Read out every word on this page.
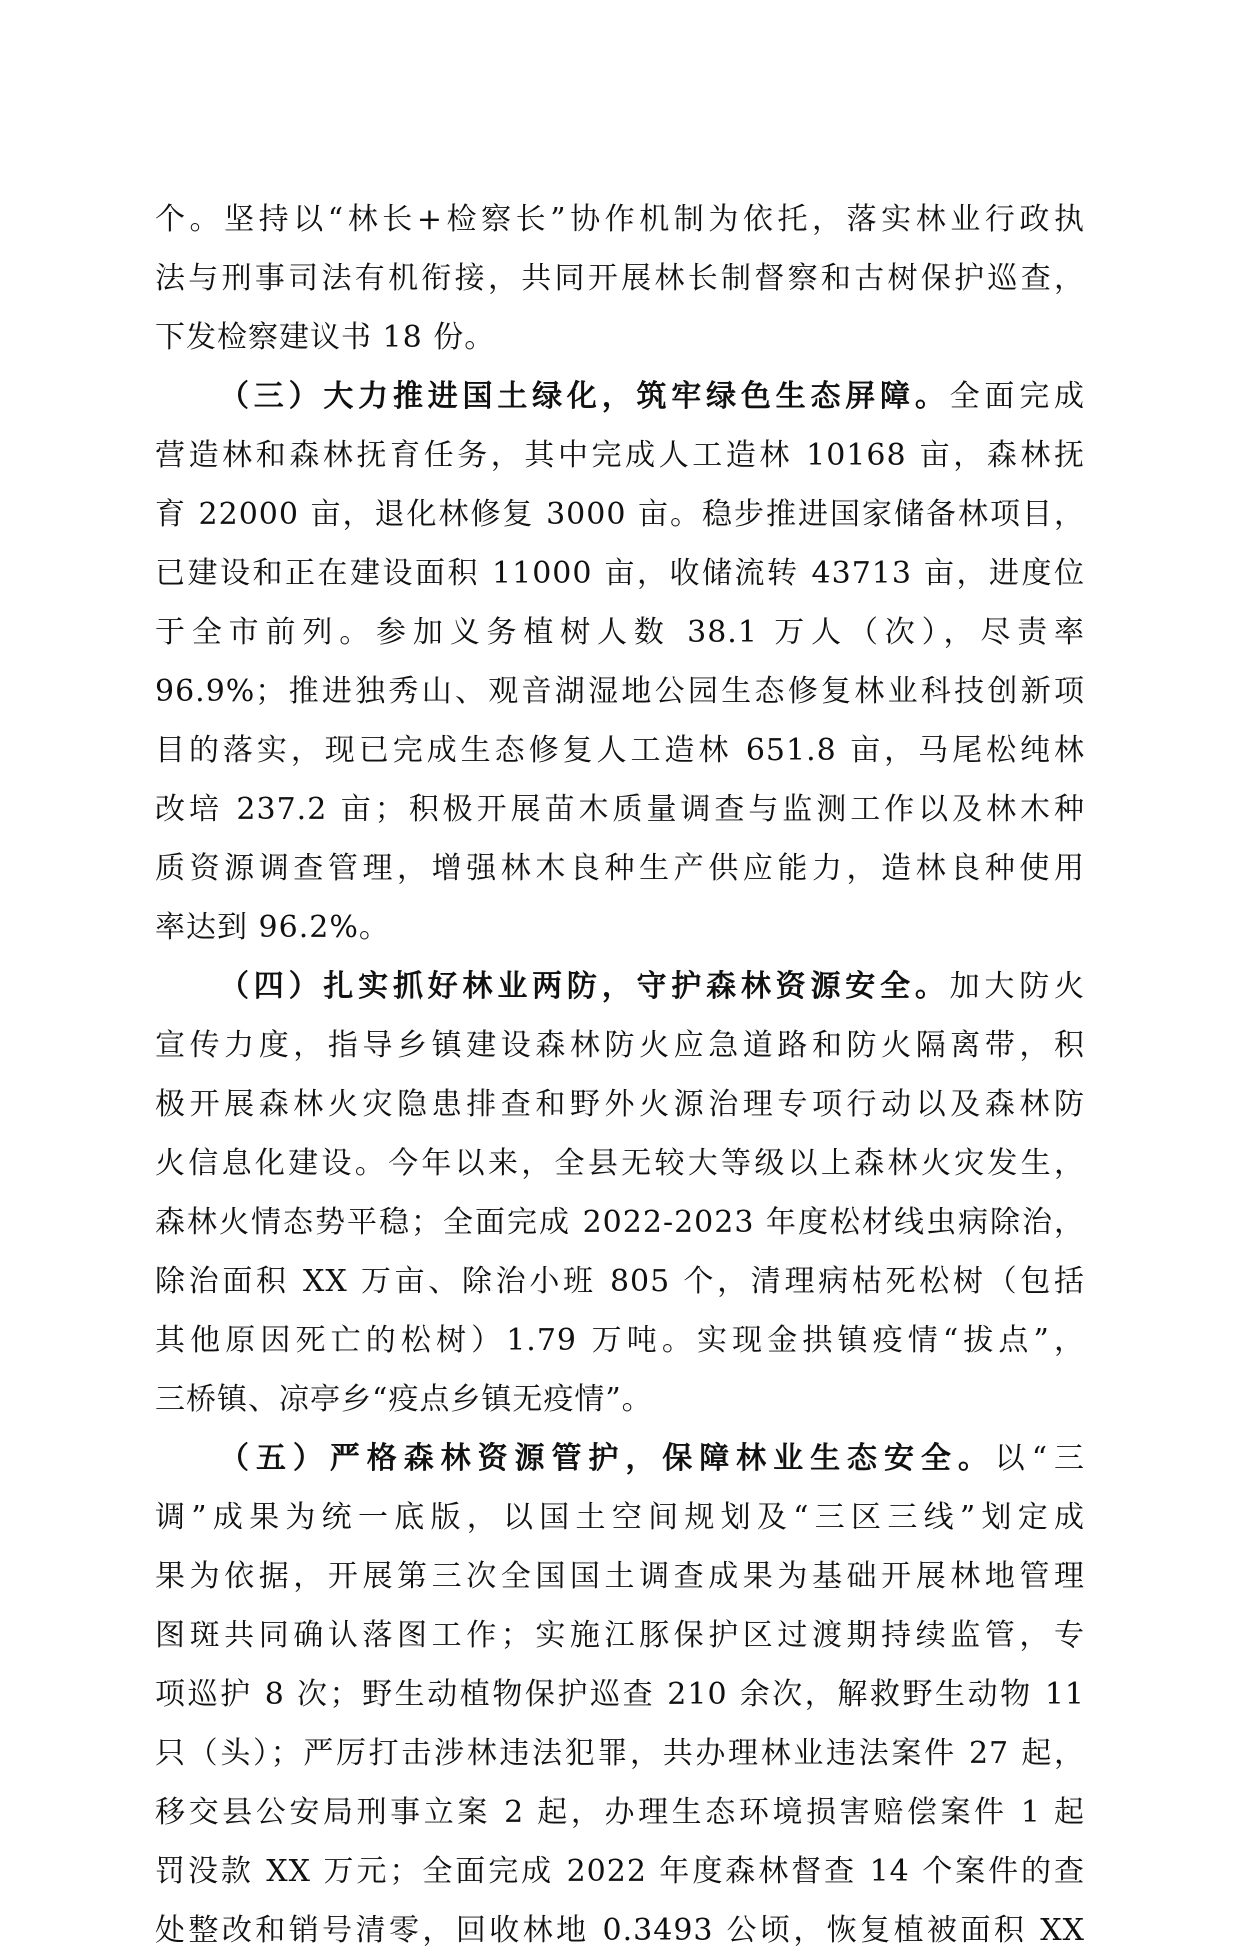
个。坚持以“林长+检察长”协作机制为依托，落实林业行政执
法与刑事司法有机衔接，共同开展林长制督察和古树保护巡查，
下发检察建议书 18 份。
（三）大力推进国土绿化，筑牢绿色生态屏障。全面完成
营造林和森林抚育任务，其中完成人工造林 10168 亩，森林抚
育 22000 亩，退化林修复 3000 亩。稳步推进国家储备林项目，
已建设和正在建设面积 11000 亩，收储流转 43713 亩，进度位
于全市前列。参加义务植树人数 38.1 万人（次），尽责率
96.9%；推进独秀山、观音湖湿地公园生态修复林业科技创新项
目的落实，现已完成生态修复人工造林 651.8 亩，马尾松纯林
改培 237.2 亩；积极开展苗木质量调查与监测工作以及林木种
质资源调查管理，增强林木良种生产供应能力，造林良种使用
率达到 96.2%。
（四）扎实抓好林业两防，守护森林资源安全。加大防火
宣传力度，指导乡镇建设森林防火应急道路和防火隔离带，积
极开展森林火灾隐患排查和野外火源治理专项行动以及森林防
火信息化建设。今年以来，全县无较大等级以上森林火灾发生，
森林火情态势平稳；全面完成 2022-2023 年度松材线虫病除治，
除治面积 XX 万亩、除治小班 805 个，清理病枯死松树（包括
其他原因死亡的松树）1.79 万吨。实现金拱镇疫情“拔点”，
三桥镇、凉亭乡“疫点乡镇无疫情”。
（五）严格森林资源管护，保障林业生态安全。以“三
调”成果为统一底版，以国土空间规划及“三区三线”划定成
果为依据，开展第三次全国国土调查成果为基础开展林地管理
图斑共同确认落图工作；实施江豚保护区过渡期持续监管，专
项巡护 8 次；野生动植物保护巡查 210 余次，解救野生动物 11
只（头）；严厉打击涉林违法犯罪，共办理林业违法案件 27 起，
移交县公安局刑事立案 2 起，办理生态环境损害赔偿案件 1 起
罚没款 XX 万元；全面完成 2022 年度森林督查 14 个案件的查
处整改和销号清零，回收林地 0.3493 公顷，恢复植被面积 XX
